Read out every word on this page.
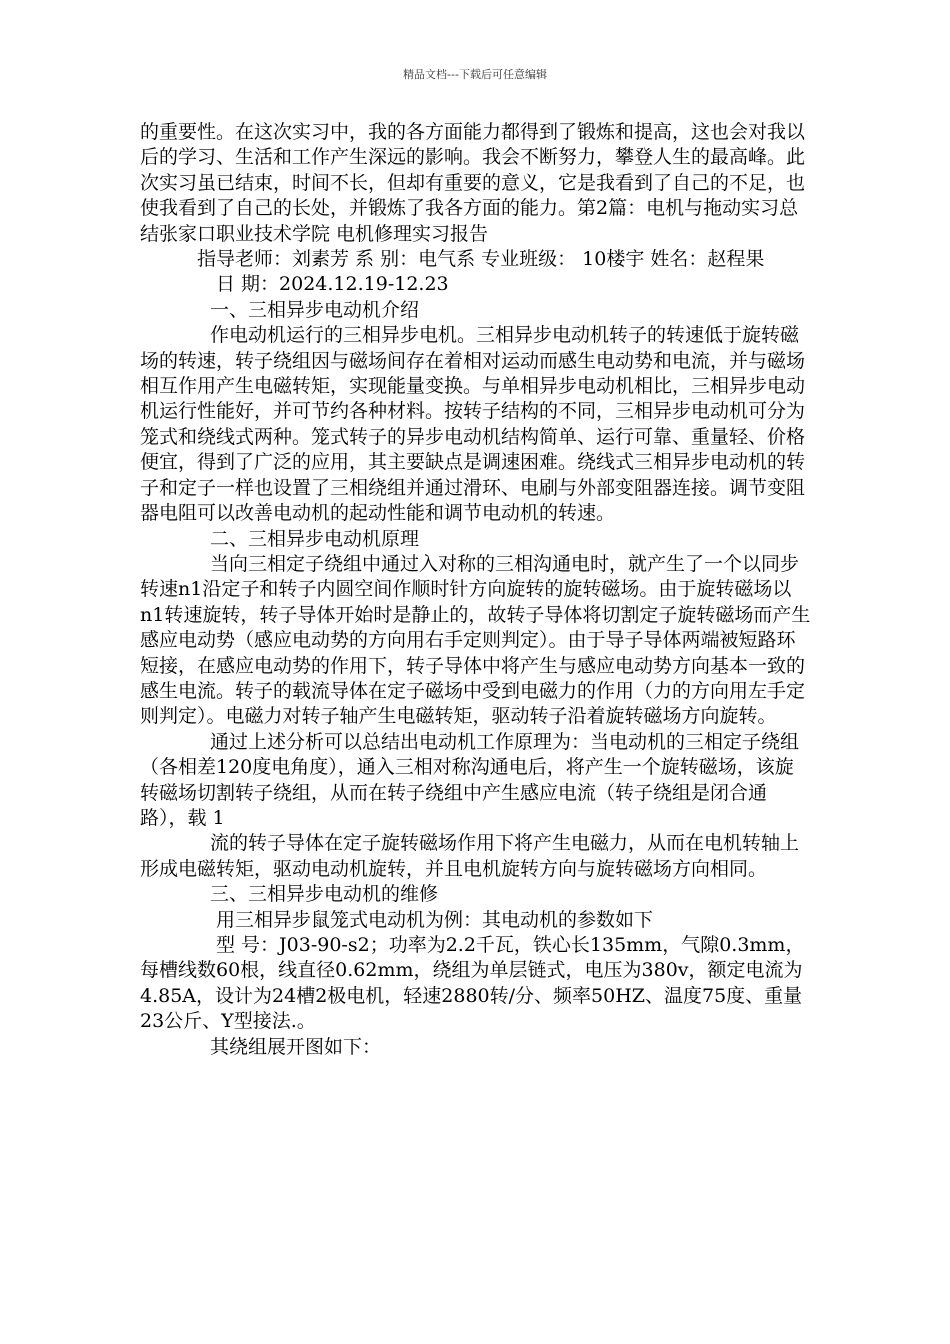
精品文档---下载后可任意编辑

的重要性。在这次实习中，我的各方面能力都得到了锻炼和提高，这也会对我以后的学习、生活和工作产生深远的影响。我会不断努力，攀登人生的最高峰。此次实习虽已结束，时间不长，但却有重要的意义，它是我看到了自己的不足，也使我看到了自己的长处，并锻炼了我各方面的能力。第2篇：电机与拖动实习总结张家口职业技术学院 电机修理实习报告

指导老师：刘素芳 系 别：电气系 专业班级： 10楼宇 姓名：赵程果

日 期：2024.12.19-12.23

一、三相异步电动机介绍

作电动机运行的三相异步电机。三相异步电动机转子的转速低于旋转磁场的转速，转子绕组因与磁场间存在着相对运动而感生电动势和电流，并与磁场相互作用产生电磁转矩，实现能量变换。与单相异步电动机相比，三相异步电动机运行性能好，并可节约各种材料。按转子结构的不同，三相异步电动机可分为笼式和绕线式两种。笼式转子的异步电动机结构简单、运行可靠、重量轻、价格便宜，得到了广泛的应用，其主要缺点是调速困难。绕线式三相异步电动机的转子和定子一样也设置了三相绕组并通过滑环、电刷与外部变阻器连接。调节变阻器电阻可以改善电动机的起动性能和调节电动机的转速。

二、三相异步电动机原理

当向三相定子绕组中通过入对称的三相沟通电时，就产生了一个以同步转速n1沿定子和转子内圆空间作顺时针方向旋转的旋转磁场。由于旋转磁场以n1转速旋转，转子导体开始时是静止的，故转子导体将切割定子旋转磁场而产生感应电动势（感应电动势的方向用右手定则判定）。由于导子导体两端被短路环短接，在感应电动势的作用下，转子导体中将产生与感应电动势方向基本一致的感生电流。转子的载流导体在定子磁场中受到电磁力的作用（力的方向用左手定则判定）。电磁力对转子轴产生电磁转矩，驱动转子沿着旋转磁场方向旋转。

通过上述分析可以总结出电动机工作原理为：当电动机的三相定子绕组（各相差120度电角度），通入三相对称沟通电后，将产生一个旋转磁场，该旋转磁场切割转子绕组，从而在转子绕组中产生感应电流（转子绕组是闭合通路），载 1

流的转子导体在定子旋转磁场作用下将产生电磁力，从而在电机转轴上形成电磁转矩，驱动电动机旋转，并且电机旋转方向与旋转磁场方向相同。

三、三相异步电动机的维修

用三相异步鼠笼式电动机为例：其电动机的参数如下

型 号：J03-90-s2；功率为2.2千瓦，铁心长135mm，气隙0.3mm，每槽线数60根，线直径0.62mm，绕组为单层链式，电压为380v，额定电流为4.85A，设计为24槽2极电机，轻速2880转/分、频率50HZ、温度75度、重量23公斤、Y型接法.。

其绕组展开图如下：
